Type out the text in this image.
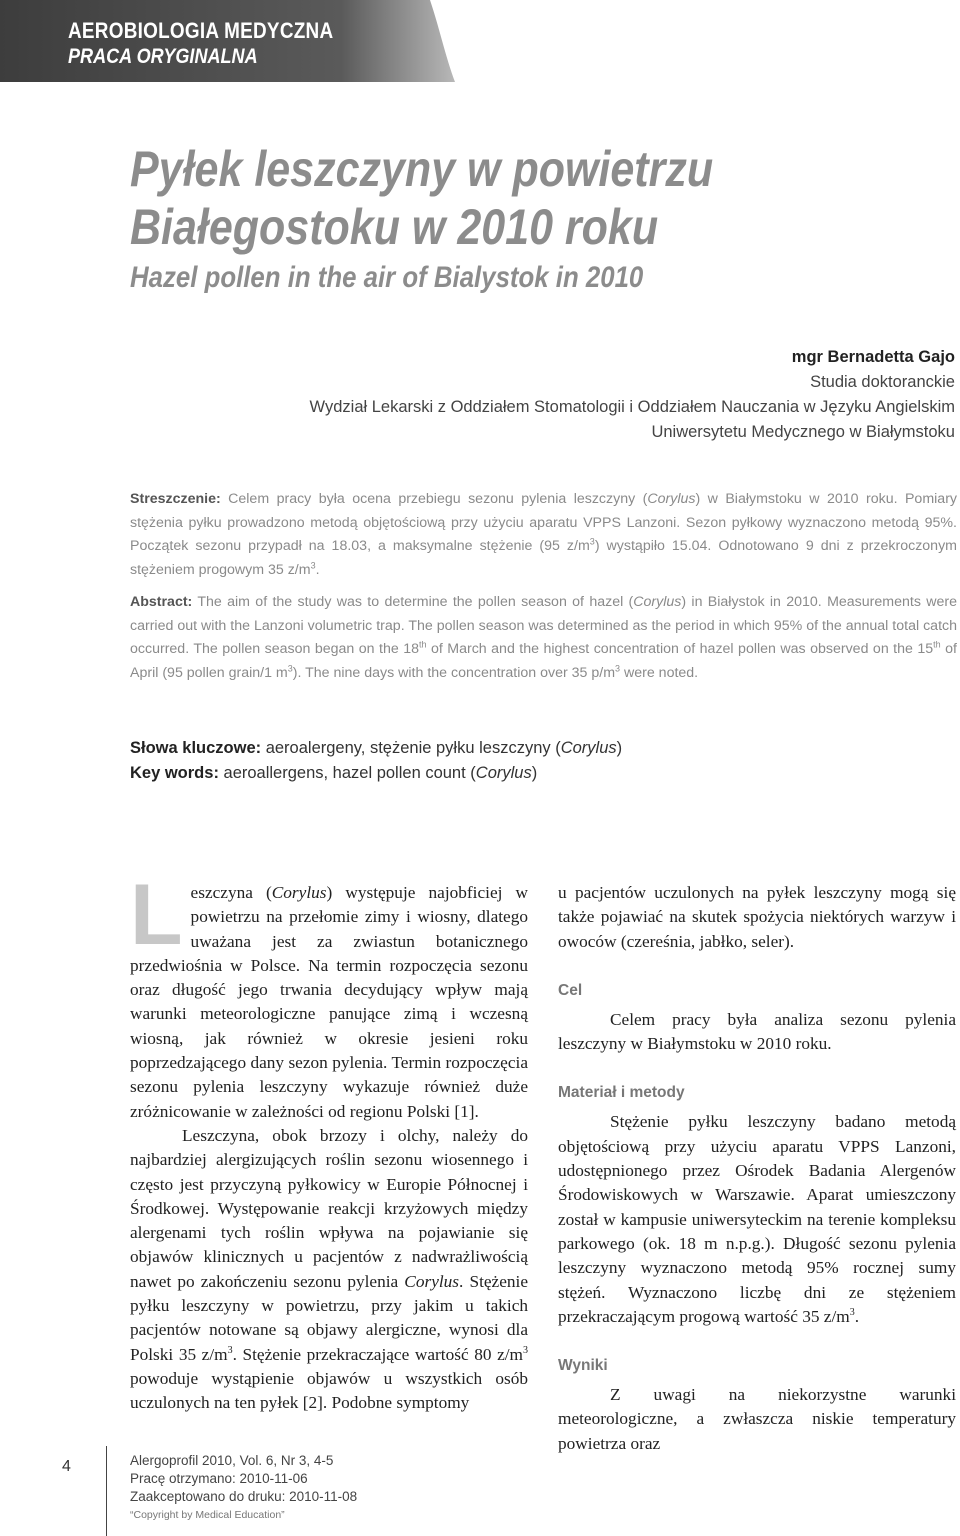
AEROBIOLOGIA MEDYCZNA
PRACA ORYGINALNA
Pyłek leszczyny w powietrzu
Białegostoku w 2010 roku
Hazel pollen in the air of Bialystok in 2010
mgr Bernadetta Gajo
Studia doktoranckie
Wydział Lekarski z Oddziałem Stomatologii i Oddziałem Nauczania w Języku Angielskim
Uniwersytetu Medycznego w Białymstoku
Streszczenie: Celem pracy była ocena przebiegu sezonu pylenia leszczyny (Corylus) w Białymstoku w 2010 roku. Pomiary stężenia pyłku prowadzono metodą objętościową przy użyciu aparatu VPPS Lanzoni. Sezon pyłkowy wyznaczono metodą 95%. Początek sezonu przypadł na 18.03, a maksymalne stężenie (95 $z/m^3$) wystąpiło 15.04. Odnotowano 9 dni z przekroczonym stężeniem progowym 35 $z/m^3$.
Abstract: The aim of the study was to determine the pollen season of hazel (Corylus) in Białystok in 2010. Measurements were carried out with the Lanzoni volumetric trap. The pollen season was determined as the period in which 95% of the annual total catch occurred. The pollen season began on the 18th of March and the highest concentration of hazel pollen was observed on the 15th of April (95 pollen grain/1 $m^3$). The nine days with the concentration over 35 $p/m^3$ were noted.
Słowa kluczowe: aeroalergeny, stężenie pyłku leszczyny (Corylus)
Key words: aeroallergens, hazel pollen count (Corylus)

Leszczyna (Corylus) występuje najobficiej w powietrzu na przełomie zimy i wiosny, dlatego uważana jest za zwiastun botanicznego przedwiośnia w Polsce. Na termin rozpoczęcia sezonu oraz długość jego trwania decydujący wpływ mają warunki meteorologiczne panujące zimą i wczesną wiosną, jak również w okresie jesieni roku poprzedzającego dany sezon pylenia. Termin rozpoczęcia sezonu pylenia leszczyny wykazuje również duże zróżnicowanie w zależności od regionu Polski [1].

Leszczyna, obok brzozy i olchy, należy do najbardziej alergizujących roślin sezonu wiosennego i często jest przyczyną pyłkowicy w Europie Północnej i Środkowej. Występowanie reakcji krzyżowych między alergenami tych roślin wpływa na pojawianie się objawów klinicznych u pacjentów z nadwrażliwością nawet po zakończeniu sezonu pylenia Corylus. Stężenie pyłku leszczyny w powietrzu, przy jakim u takich pacjentów notowane są objawy alergiczne, wynosi dla Polski 35 $z/m^3$. Stężenie przekraczające wartość 80 $z/m^3$ powoduje wystąpienie objawów u wszystkich osób uczulonych na ten pyłek [2]. Podobne symptomy

u pacjentów uczulonych na pyłek leszczyny mogą się także pojawiać na skutek spożycia niektórych warzyw i owoców (czereśnia, jabłko, seler).

Cel

Celem pracy była analiza sezonu pylenia leszczyny w Białymstoku w 2010 roku.

Materiał i metody

Stężenie pyłku leszczyny badano metodą objętościową przy użyciu aparatu VPPS Lanzoni, udostępnionego przez Ośrodek Badania Alergenów Środowiskowych w Warszawie. Aparat umieszczony został w kampusie uniwersyteckim na terenie kompleksu parkowego (ok. 18 m n.p.g.). Długość sezonu pylenia leszczyny wyznaczono metodą 95% rocznej sumy stężeń. Wyznaczono liczbę dni ze stężeniem przekraczającym progową wartość 35 $z/m^3$.

Wyniki

Z uwagi na niekorzystne warunki meteorologiczne, a zwłaszcza niskie temperatury powietrza oraz

4	Alergoprofil 2010, Vol. 6, Nr 3, 4-5
Pracę otrzymano: 2010-11-06
Zaakceptowano do druku: 2010-11-08
“Copyright by Medical Education”
